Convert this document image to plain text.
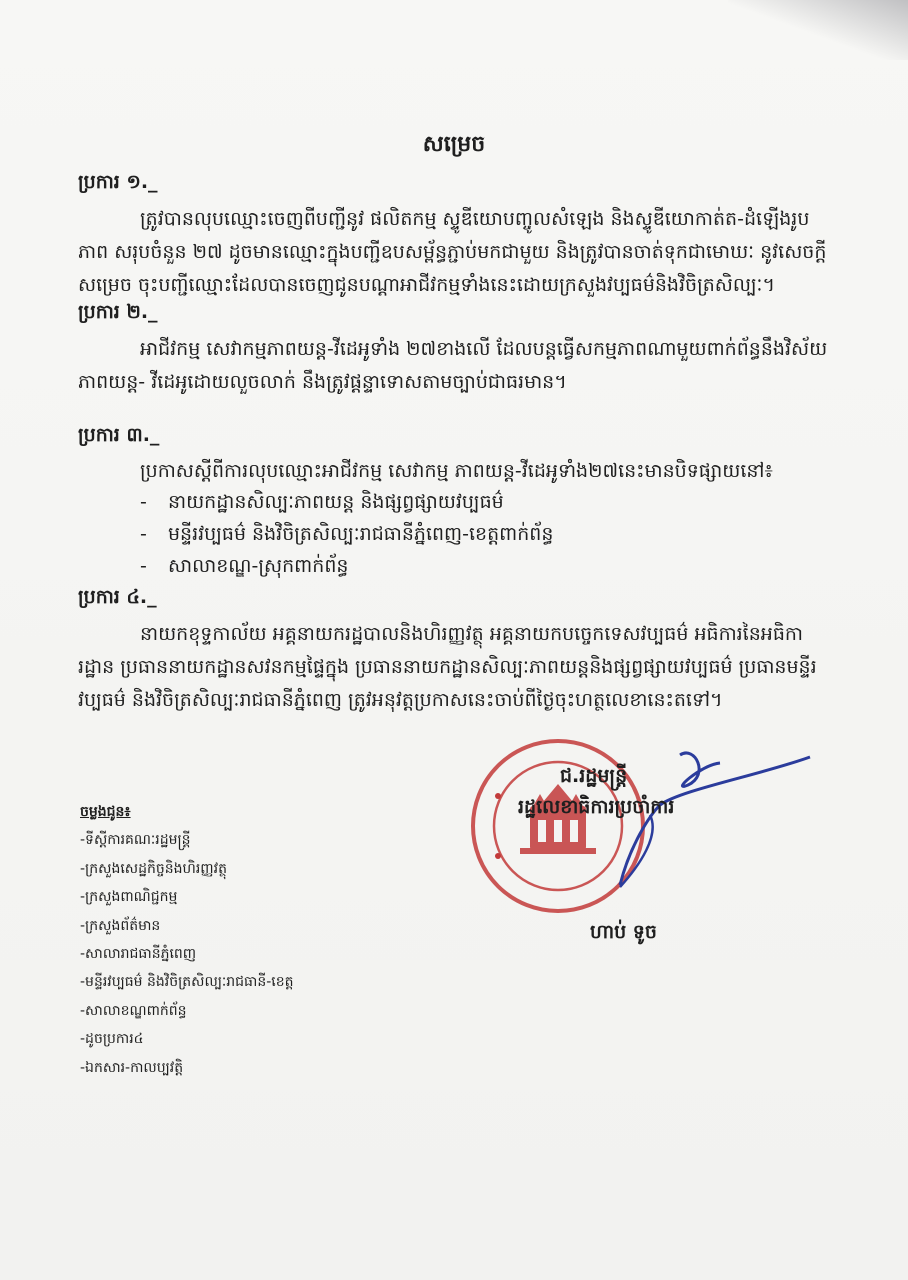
សម្រេច
ប្រការ ១._
ត្រូវបានលុបឈ្មោះចេញពីបញ្ជីនូវ ផលិតកម្ម ស្ទូឌីយោបញ្ចូលសំឡេង និងស្ទូឌីយោកាត់ត-ដំឡើងរូបភាព សរុបចំនួន ២៧ ដូចមានឈ្មោះក្នុងបញ្ជីឧបសម្ព័ន្ធភ្ជាប់មកជាមួយ និងត្រូវបានចាត់ទុកជាមោឃៈ នូវសេចក្ដីសម្រេច ចុះបញ្ជីឈ្មោះដែលបានចេញជូនបណ្ដាអាជីវកម្មទាំងនេះដោយក្រសួងវប្បធម៌និងវិចិត្រសិល្បៈ។
ប្រការ ២._
អាជីវកម្ម សេវាកម្មភាពយន្ត-វីដេអូទាំង ២៧ខាងលើ ដែលបន្តធ្វើសកម្មភាពណាមួយពាក់ព័ន្ធនឹងវិស័យ ភាពយន្ត- វីដេអូដោយលួចលាក់ នឹងត្រូវផ្ដន្ទាទោសតាមច្បាប់ជាធរមាន។
ប្រការ ៣._
ប្រកាសស្ដីពីការលុបឈ្មោះអាជីវកម្ម សេវាកម្ម ភាពយន្ត-វីដេអូទាំង២៧នេះមានបិទផ្សាយនៅ៖
-	នាយកដ្ឋានសិល្បៈភាពយន្ត និងផ្សព្វផ្សាយវប្បធម៌
-	មន្ទីរវប្បធម៌ និងវិចិត្រសិល្បៈរាជធានីភ្នំពេញ-ខេត្តពាក់ព័ន្ធ
-	សាលាខណ្ឌ-ស្រុកពាក់ព័ន្ធ
ប្រការ ៤._
នាយកខុទ្ទកាល័យ អគ្គនាយករដ្ឋបាលនិងហិរញ្ញវត្ថុ អគ្គនាយកបច្ចេកទេសវប្បធម៌ អធិការនៃអធិការដ្ឋាន ប្រធាននាយកដ្ឋានសវនកម្មផ្ទៃក្នុង ប្រធាននាយកដ្ឋានសិល្បៈភាពយន្តនិងផ្សព្វផ្សាយវប្បធម៌ ប្រធានមន្ទីរវប្បធម៌ និងវិចិត្រសិល្បៈរាជធានីភ្នំពេញ ត្រូវអនុវត្តប្រកាសនេះចាប់ពីថ្ងៃចុះហត្ថលេខានេះតទៅ។
ជ.រដ្ឋមន្ត្រី
រដ្ឋលេខាធិការប្រចាំការ
ហាប់ ទូច
ចម្លងជូន៖
-ទីស្ដីការគណៈរដ្ឋមន្ត្រី
-ក្រសួងសេដ្ឋកិច្ចនិងហិរញ្ញវត្ថុ
-ក្រសួងពាណិជ្ជកម្ម
-ក្រសួងព័ត៌មាន
-សាលារាជធានីភ្នំពេញ
-មន្ទីរវប្បធម៌ និងវិចិត្រសិល្បៈរាជធានី-ខេត្ត
-សាលាខណ្ឌពាក់ព័ន្ធ
-ដូចប្រការ៤
-ឯកសារ-កាលប្បវត្តិ
